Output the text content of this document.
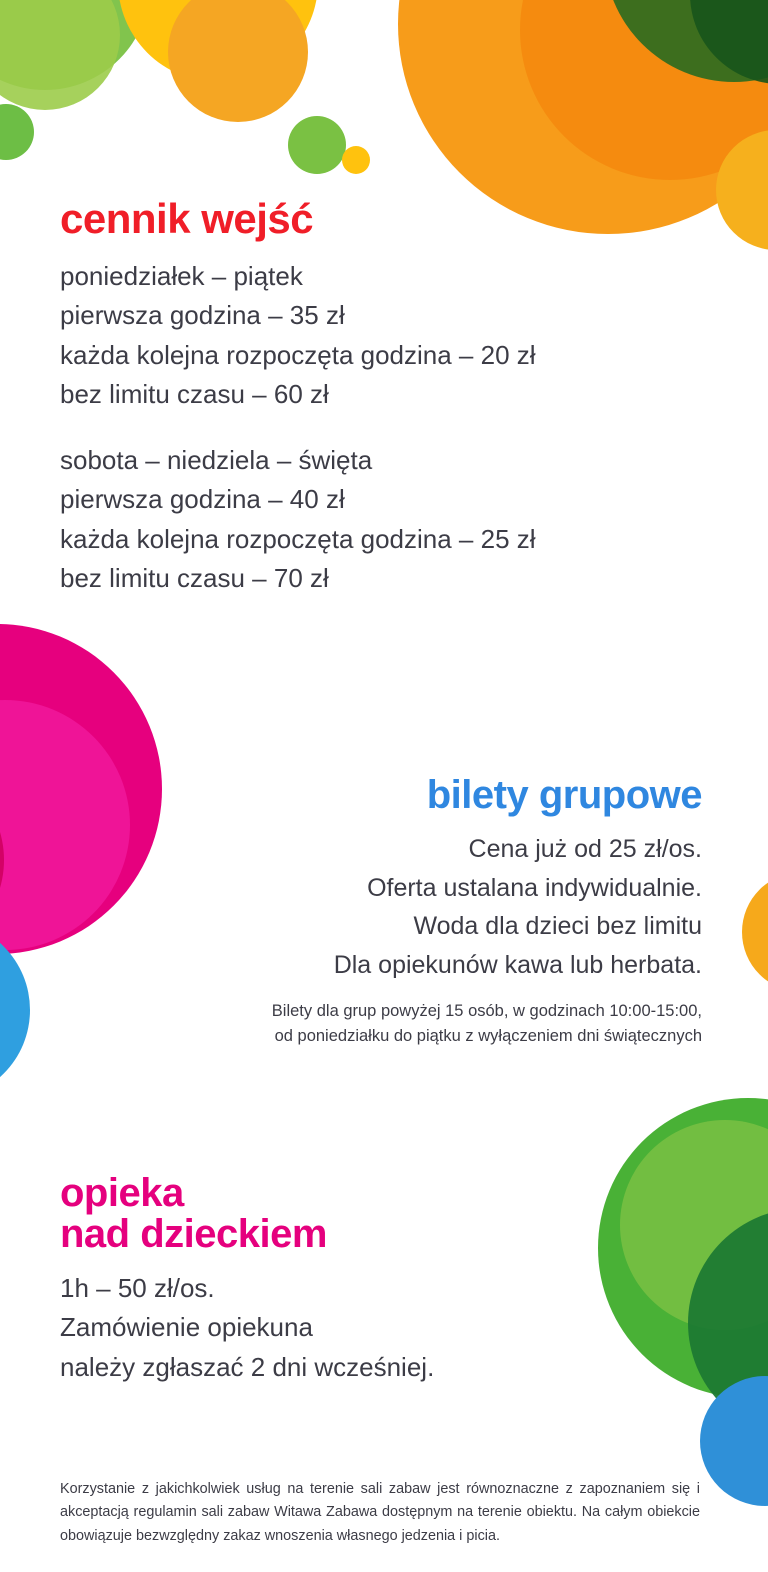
cennik wejść
poniedziałek – piątek
pierwsza godzina – 35 zł
każda kolejna rozpoczęta godzina – 20 zł
bez limitu czasu – 60 zł
sobota – niedziela – święta
pierwsza godzina – 40 zł
każda kolejna rozpoczęta godzina – 25 zł
bez limitu czasu – 70 zł
bilety grupowe
Cena już od 25 zł/os.
Oferta ustalana indywidualnie.
Woda dla dzieci bez limitu
Dla opiekunów kawa lub herbata.
Bilety dla grup powyżej 15 osób, w godzinach 10:00-15:00,
od poniedziałku do piątku z wyłączeniem dni świątecznych
opieka
nad dzieckiem
1h – 50 zł/os.
Zamówienie opiekuna
należy zgłaszać 2 dni wcześniej.
Korzystanie z jakichkolwiek usług na terenie sali zabaw jest równoznaczne z zapoznaniem się i akceptacją regulamin sali zabaw Witawa Zabawa dostępnym na terenie obiektu. Na całym obiekcie obowiązuje bezwzględny zakaz wnoszenia własnego jedzenia i picia.
